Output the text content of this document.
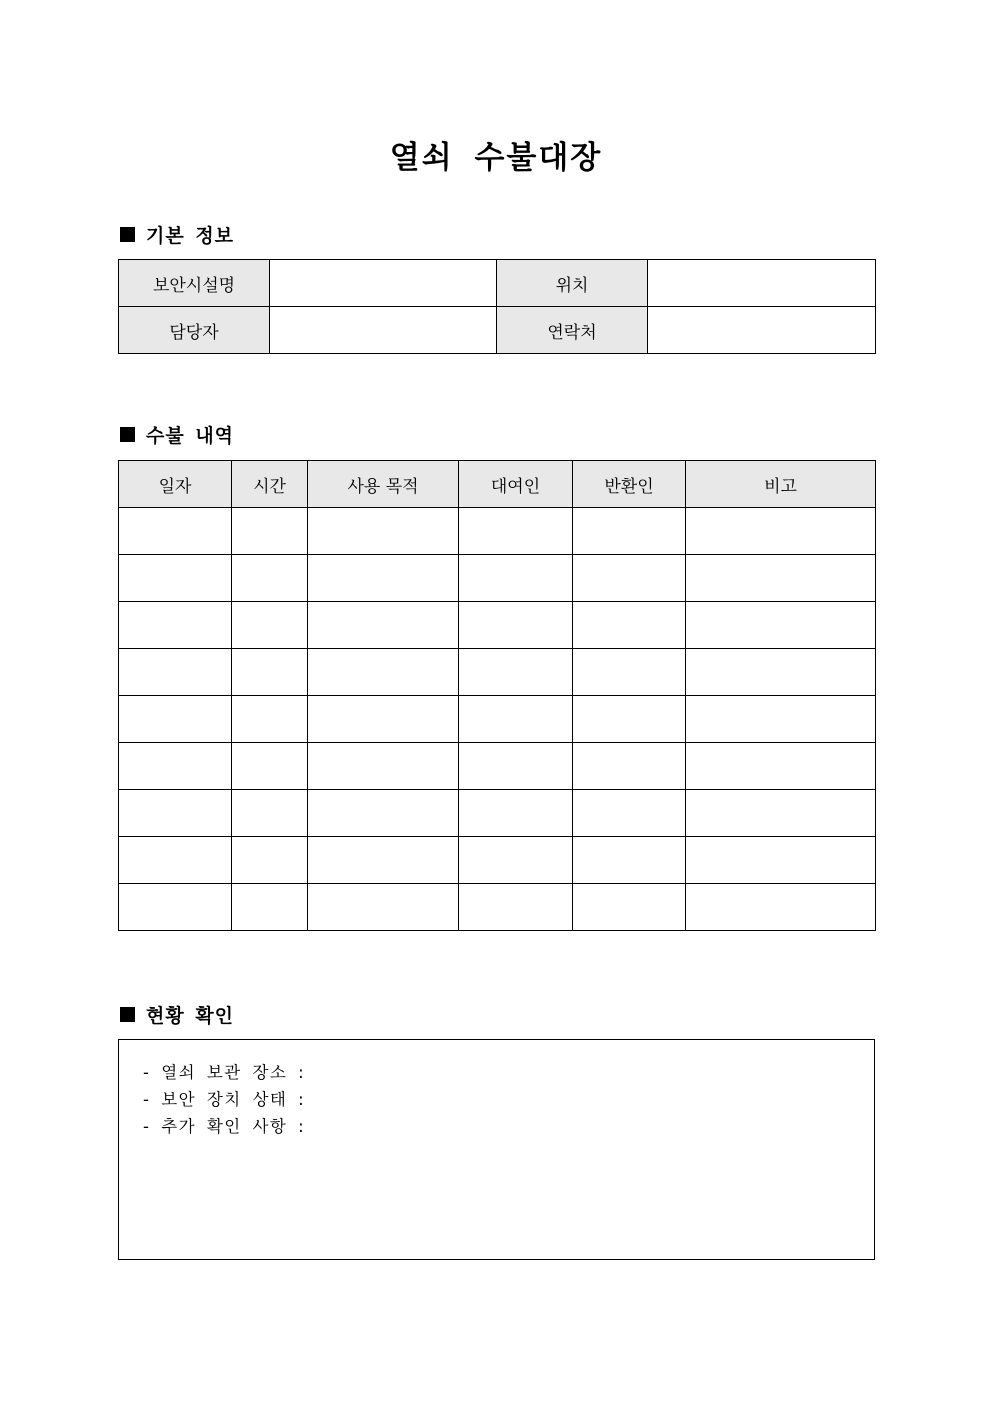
열쇠 수불대장
기본 정보
보안시설명		위치	
담당자		연락처	
수불 내역
일자	시간	사용 목적	대여인	반환인	비고

현황 확인
- 열쇠 보관 장소 :
- 보안 장치 상태 :
- 추가 확인 사항 :
